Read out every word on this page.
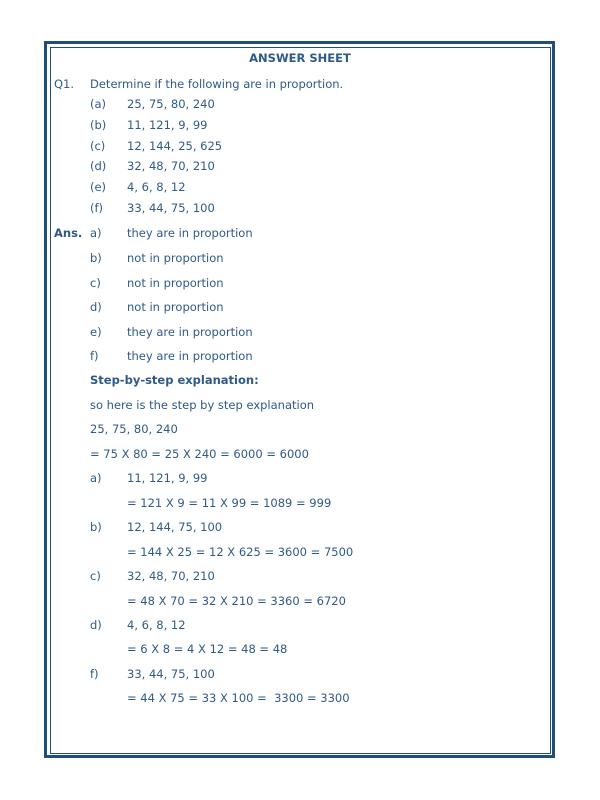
ANSWER SHEET
Q1. Determine if the following are in proportion.
(a) 25, 75, 80, 240
(b) 11, 121, 9, 99
(c) 12, 144, 25, 625
(d) 32, 48, 70, 210
(e) 4, 6, 8, 12
(f) 33, 44, 75, 100
Ans. a) they are in proportion
b) not in proportion
c) not in proportion
d) not in proportion
e) they are in proportion
f) they are in proportion
Step-by-step explanation:
so here is the step by step explanation
25, 75, 80, 240
= 75 X 80 = 25 X 240 = 6000 = 6000
a) 11, 121, 9, 99
= 121 X 9 = 11 X 99 = 1089 = 999
b) 12, 144, 75, 100
= 144 X 25 = 12 X 625 = 3600 = 7500
c) 32, 48, 70, 210
= 48 X 70 = 32 X 210 = 3360 = 6720
d) 4, 6, 8, 12
= 6 X 8 = 4 X 12 = 48 = 48
f) 33, 44, 75, 100
= 44 X 75 = 33 X 100 =  3300 = 3300
